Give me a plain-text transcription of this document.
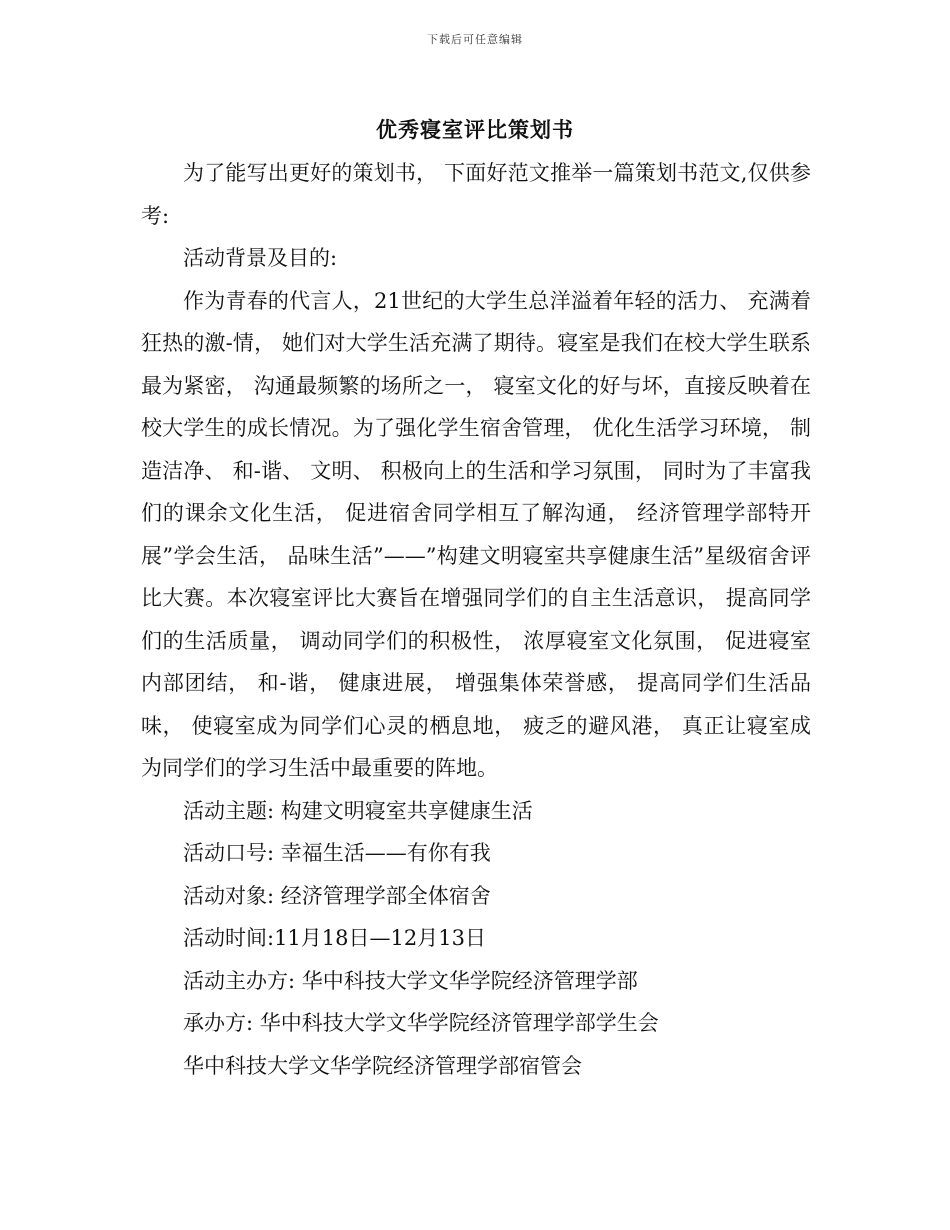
下载后可任意编辑
优秀寝室评比策划书

为了能写出更好的策划书， 下面好范文推举一篇策划书范文,仅供参考:

活动背景及目的:

作为青春的代言人，21世纪的大学生总洋溢着年轻的活力、 充满着狂热的激-情， 她们对大学生活充满了期待。寝室是我们在校大学生联系最为紧密， 沟通最频繁的场所之一， 寝室文化的好与坏，直接反映着在校大学生的成长情况。为了强化学生宿舍管理， 优化生活学习环境， 制造洁净、 和-谐、 文明、 积极向上的生活和学习氛围， 同时为了丰富我们的课余文化生活， 促进宿舍同学相互了解沟通， 经济管理学部特开展”学会生活， 品味生活”——”构建文明寝室共享健康生活”星级宿舍评比大赛。本次寝室评比大赛旨在增强同学们的自主生活意识， 提高同学们的生活质量， 调动同学们的积极性， 浓厚寝室文化氛围， 促进寝室内部团结， 和-谐， 健康进展， 增强集体荣誉感， 提高同学们生活品味， 使寝室成为同学们心灵的栖息地， 疲乏的避风港， 真正让寝室成为同学们的学习生活中最重要的阵地。

活动主题: 构建文明寝室共享健康生活

活动口号: 幸福生活——有你有我

活动对象: 经济管理学部全体宿舍

活动时间:11月18日—12月13日

活动主办方: 华中科技大学文华学院经济管理学部

承办方: 华中科技大学文华学院经济管理学部学生会

华中科技大学文华学院经济管理学部宿管会
